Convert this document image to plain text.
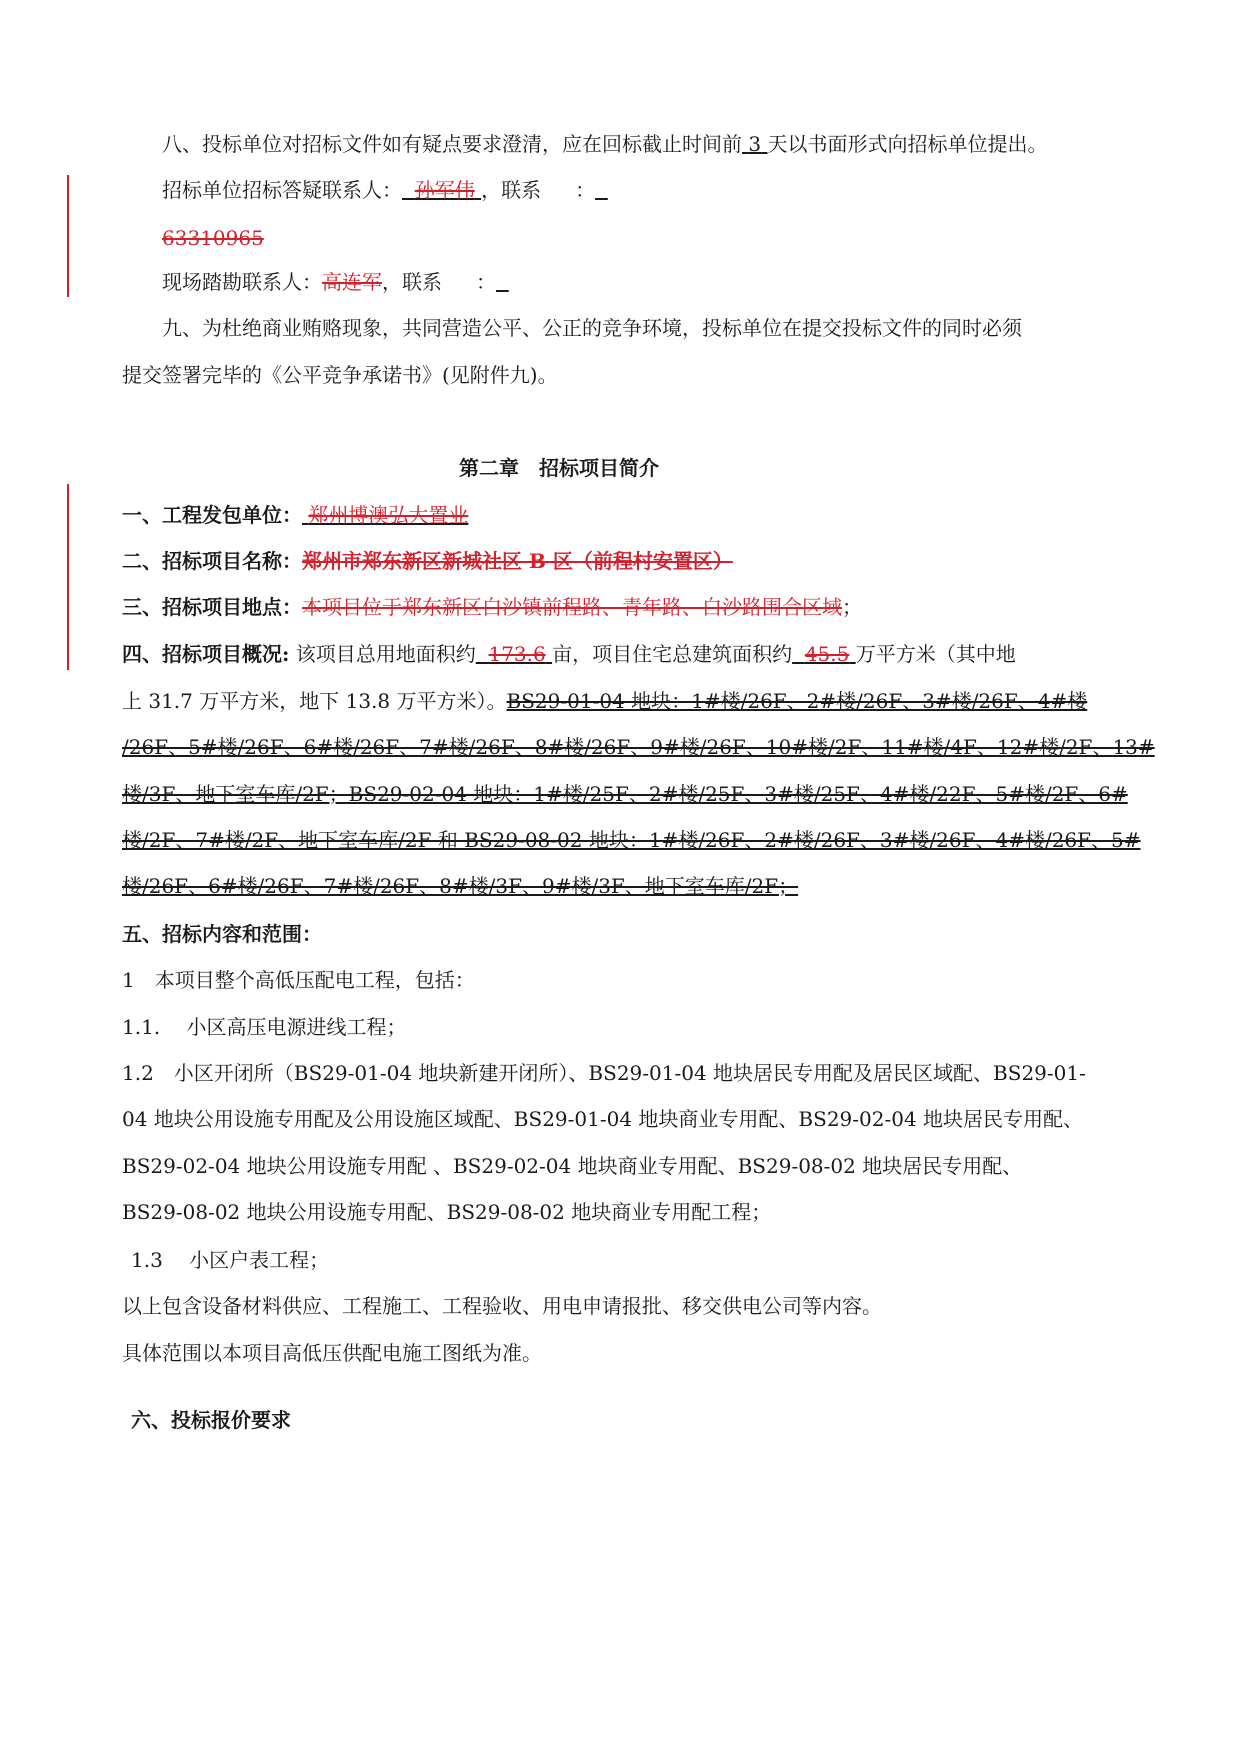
八、投标单位对招标文件如有疑点要求澄清，应在回标截止时间前 3 天以书面形式向招标单位提出。
招标单位招标答疑联系人： 孙军伟 ，联系 ：
63310965
现场踏勘联系人：高连军，联系 ：
九、为杜绝商业贿赂现象，共同营造公平、公正的竞争环境，投标单位在提交投标文件的同时必须
提交签署完毕的《公平竞争承诺书》(见附件九)。
第二章　招标项目简介
一、工程发包单位： 郑州博澳弘大置业
二、招标项目名称：郑州市郑东新区新城社区 B 区（前程村安置区）
三、招标项目地点：本项目位于郑东新区白沙镇前程路、青年路、白沙路围合区域；
四、招标项目概况: 该项目总用地面积约 173.6 亩，项目住宅总建筑面积约 45.5 万平方米（其中地
上 31.7 万平方米，地下 13.8 万平方米）。BS29-01-04 地块：1#楼/26F、2#楼/26F、3#楼/26F、4#楼
/26F、5#楼/26F、6#楼/26F、7#楼/26F、8#楼/26F、9#楼/26F、10#楼/2F、11#楼/4F、12#楼/2F、13#
楼/3F、地下室车库/2F；BS29-02-04 地块：1#楼/25F、2#楼/25F、3#楼/25F、4#楼/22F、5#楼/2F、6#
楼/2F、7#楼/2F、地下室车库/2F 和 BS29-08-02 地块：1#楼/26F、2#楼/26F、3#楼/26F、4#楼/26F、5#
楼/26F、6#楼/26F、7#楼/26F、8#楼/3F、9#楼/3F、地下室车库/2F；
五、招标内容和范围：
1　本项目整个高低压配电工程，包括：
1.1.　 小区高压电源进线工程；
1.2　小区开闭所（BS29-01-04 地块新建开闭所）、BS29-01-04 地块居民专用配及居民区域配、BS29-01-
04 地块公用设施专用配及公用设施区域配、BS29-01-04 地块商业专用配、BS29-02-04 地块居民专用配、
BS29-02-04 地块公用设施专用配 、BS29-02-04 地块商业专用配、BS29-08-02 地块居民专用配、
BS29-08-02 地块公用设施专用配、BS29-08-02 地块商业专用配工程；
1.3　 小区户表工程；
以上包含设备材料供应、工程施工、工程验收、用电申请报批、移交供电公司等内容。
具体范围以本项目高低压供配电施工图纸为准。
六、投标报价要求
